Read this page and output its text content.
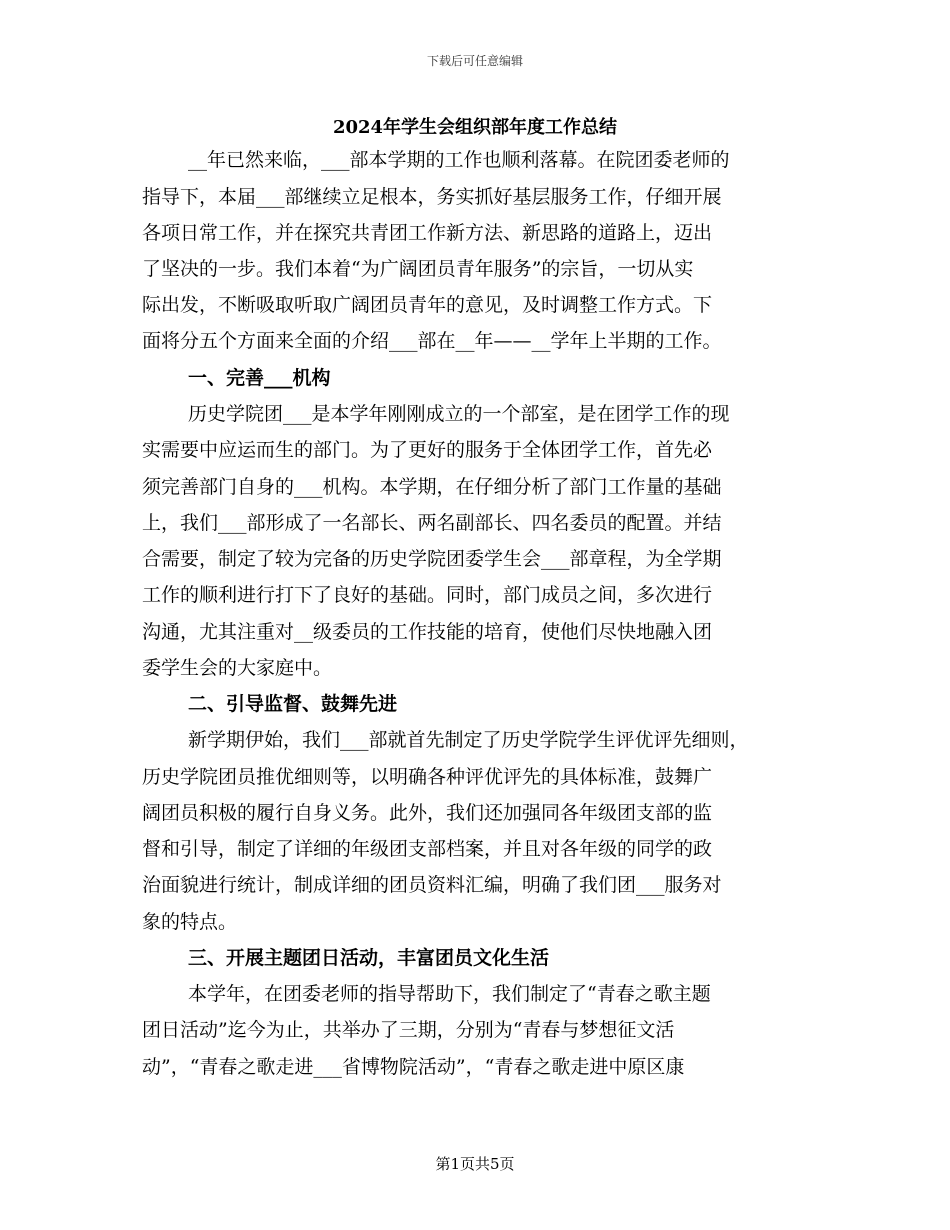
下载后可任意编辑
2024年学生会组织部年度工作总结
__年已然来临，___部本学期的工作也顺利落幕。在院团委老师的
指导下，本届___部继续立足根本，务实抓好基层服务工作，仔细开展
各项日常工作，并在探究共青团工作新方法、新思路的道路上，迈出
了坚决的一步。我们本着“为广阔团员青年服务”的宗旨，一切从实
际出发，不断吸取听取广阔团员青年的意见，及时调整工作方式。下
面将分五个方面来全面的介绍___部在__年——__学年上半期的工作。
一、完善___机构
历史学院团___是本学年刚刚成立的一个部室，是在团学工作的现
实需要中应运而生的部门。为了更好的服务于全体团学工作，首先必
须完善部门自身的___机构。本学期，在仔细分析了部门工作量的基础
上，我们___部形成了一名部长、两名副部长、四名委员的配置。并结
合需要，制定了较为完备的历史学院团委学生会___部章程，为全学期
工作的顺利进行打下了良好的基础。同时，部门成员之间，多次进行
沟通，尤其注重对__级委员的工作技能的培育，使他们尽快地融入团
委学生会的大家庭中。
二、引导监督、鼓舞先进
新学期伊始，我们___部就首先制定了历史学院学生评优评先细则，
历史学院团员推优细则等，以明确各种评优评先的具体标准，鼓舞广
阔团员积极的履行自身义务。此外，我们还加强同各年级团支部的监
督和引导，制定了详细的年级团支部档案，并且对各年级的同学的政
治面貌进行统计，制成详细的团员资料汇编，明确了我们团___服务对
象的特点。
三、开展主题团日活动，丰富团员文化生活
本学年，在团委老师的指导帮助下，我们制定了“青春之歌主题
团日活动”迄今为止，共举办了三期，分别为“青春与梦想征文活
动”，“青春之歌走进___省博物院活动”，“青春之歌走进中原区康
第1页共5页
